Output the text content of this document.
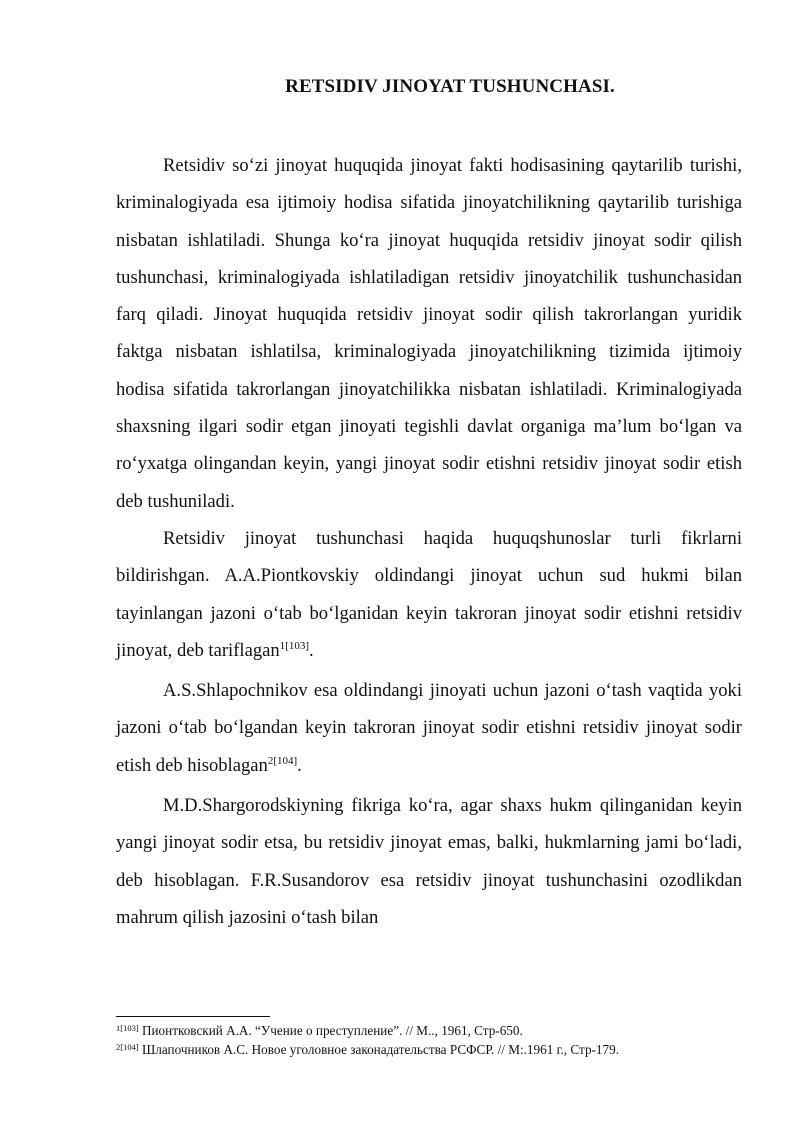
RETSIDIV JINOYAT TUSHUNCHASI.

Retsidiv so‘zi jinoyat huquqida jinoyat fakti hodisasining qaytarilib turishi, kriminalogiyada esa ijtimoiy hodisa sifatida jinoyatchilikning qaytarilib turishiga nisbatan ishlatiladi. Shunga ko‘ra jinoyat huquqida retsidiv jinoyat sodir qilish tushunchasi, kriminalogiyada ishlatiladigan retsidiv jinoyatchilik tushunchasidan farq qiladi. Jinoyat huquqida retsidiv jinoyat sodir qilish takrorlangan yuridik faktga nisbatan ishlatilsa, kriminalogiyada jinoyatchilikning tizimida ijtimoiy hodisa sifatida takrorlangan jinoyatchilikka nisbatan ishlatiladi. Kriminalogiyada shaxsning ilgari sodir etgan jinoyati tegishli davlat organiga ma’lum bo‘lgan va ro‘yxatga olingandan keyin, yangi jinoyat sodir etishni retsidiv jinoyat sodir etish deb tushuniladi.

Retsidiv jinoyat tushunchasi haqida huquqshunoslar turli fikrlarni bildirishgan. A.A.Piontkovskiy oldindangi jinoyat uchun sud hukmi bilan tayinlangan jazoni o‘tab bo‘lganidan keyin takroran jinoyat sodir etishni retsidiv jinoyat, deb tariflagan$^{1[103]}$.

A.S.Shlapochnikov esa oldindangi jinoyati uchun jazoni o‘tash vaqtida yoki jazoni o‘tab bo‘lgandan keyin takroran jinoyat sodir etishni retsidiv jinoyat sodir etish deb hisoblagan$^{2[104]}$.

M.D.Shargorodskiyning fikriga ko‘ra, agar shaxs hukm qilinganidan keyin yangi jinoyat sodir etsa, bu retsidiv jinoyat emas, balki, hukmlarning jami bo‘ladi, deb hisoblagan. F.R.Susandorov esa retsidiv jinoyat tushunchasini ozodlikdan mahrum qilish jazosini o‘tash bilan

$^{1[103]}$ Пионтковский А.А. “Учение о преступление”. // М.., 1961, Стр-650.

$^{2[104]}$ Шлапочников А.С. Новое уголовное законадательства РСФСР. // М:.1961 г., Стр-179.
